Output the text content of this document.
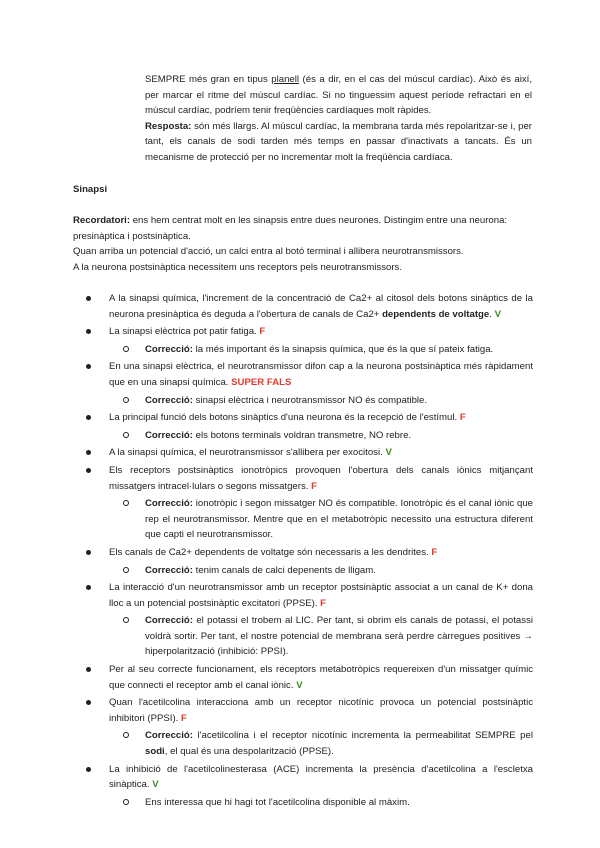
SEMPRE més gran en tipus planell (és a dir, en el cas del múscul cardíac). Això és així, per marcar el ritme del múscul cardíac. Si no tinguessim aquest període refractari en el múscul cardíac, podríem tenir freqüències cardíaques molt ràpides.

Resposta: són més llargs. Al múscul cardíac, la membrana tarda més repolaritzar-se i, per tant, els canals de sodi tarden més temps en passar d'inactivats a tancats. És un mecanisme de protecció per no incrementar molt la freqüència cardíaca.

Sinapsi

Recordatori: ens hem centrat molt en les sinapsis entre dues neurones. Distingim entre una neurona: presinàptica i postsinàptica.

Quan arriba un potencial d'acció, un calci entra al botó terminal i allibera neurotransmissors.

A la neurona postsinàptica necessitem uns receptors pels neurotransmissors.

A la sinapsi química, l'increment de la concentració de Ca2+ al citosol dels botons sinàptics de la neurona presinàptica és deguda a l'obertura de canals de Ca2+ dependents de voltatge. V
La sinapsi elèctrica pot patir fatiga. F
Correcció: la més important és la sinapsis química, que és la que sí pateix fatiga.
En una sinapsi elèctrica, el neurotransmissor difon cap a la neurona postsinàptica més ràpidament que en una sinapsi química. SUPER FALS
Correcció: sinapsi elèctrica i neurotransmissor NO és compatible.
La principal funció dels botons sinàptics d'una neurona és la recepció de l'estímul. F
Correcció: els botons terminals voldran transmetre, NO rebre.
A la sinapsi química, el neurotransmissor s'allibera per exocitosi. V
Els receptors postsinàptics ionotròpics provoquen l'obertura dels canals iònics mitjançant missatgers intracel·lulars o segons missatgers. F
Correcció: ionotròpic i segon missatger NO és compatible. Ionotròpic és el canal iònic que rep el neurotransmissor. Mentre que en el metabotròpic necessito una estructura diferent que capti el neurotransmissor.
Els canals de Ca2+ dependents de voltatge són necessaris a les dendrites. F
Correcció: tenim canals de calci depenents de lligam.
La interacció d'un neurotransmissor amb un receptor postsinàptic associat a un canal de K+ dona lloc a un potencial postsinàptic excitatori (PPSE). F
Correcció: el potassi el trobem al LIC. Per tant, si obrim els canals de potassi, el potassi voldrà sortir. Per tant, el nostre potencial de membrana serà perdre càrregues positives → hiperpolarització (inhibició: PPSI).
Per al seu correcte funcionament, els receptors metabotròpics requereixen d'un missatger químic que connecti el receptor amb el canal iònic. V
Quan l'acetilcolina interacciona amb un receptor nicotínic provoca un potencial postsinàptic inhibitori (PPSI). F
Correcció: l'acetilcolina i el receptor nicotínic incrementa la permeabilitat SEMPRE pel sodi, el qual és una despolarització (PPSE).
La inhibició de l'acetilcolinesterasa (ACE) incrementa la presència d'acetilcolina a l'escletxa sinàptica. V
Ens interessa que hi hagi tot l'acetilcolina disponible al màxim.
